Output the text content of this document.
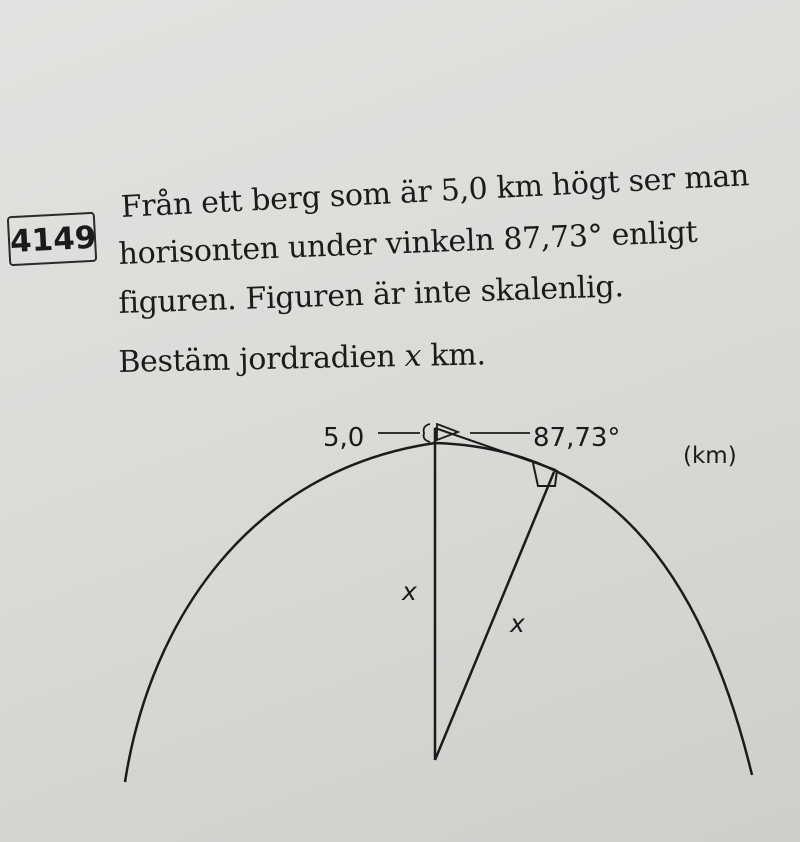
4149
Från ett berg som är 5,0 km högt ser man
horisonten under vinkeln 87,73° enligt
figuren. Figuren är inte skalenlig.
Bestäm jordradien x km.
5,0	87,73°
(km)
x
x
